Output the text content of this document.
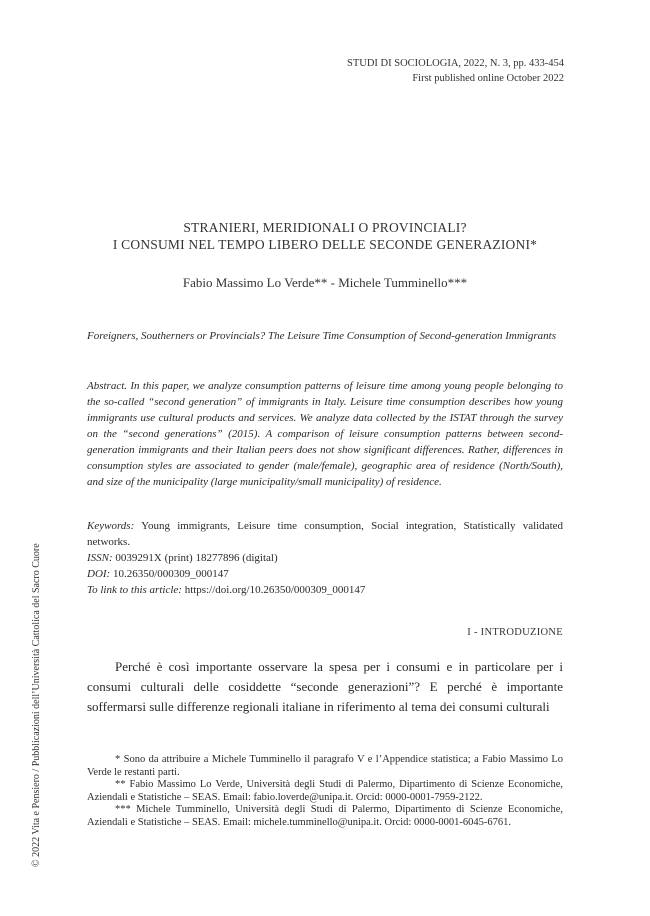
STUDI DI SOCIOLOGIA, 2022, N. 3, pp. 433-454
First published online October 2022
STRANIERI, MERIDIONALI O PROVINCIALI?
I CONSUMI NEL TEMPO LIBERO DELLE SECONDE GENERAZIONI*
Fabio Massimo Lo Verde** - Michele Tumminello***
Foreigners, Southerners or Provincials? The Leisure Time Consumption of Second-generation Immigrants
Abstract. In this paper, we analyze consumption patterns of leisure time among young people belonging to the so-called “second generation” of immigrants in Italy. Leisure time consumption describes how young immigrants use cultural products and services. We analyze data collected by the ISTAT through the survey on the “second generations” (2015). A comparison of leisure consumption patterns between second-generation immigrants and their Italian peers does not show significant differences. Rather, differences in consumption styles are associated to gender (male/female), geographic area of residence (North/South), and size of the municipality (large municipality/small municipality) of residence.

Keywords: Young immigrants, Leisure time consumption, Social integration, Statistically validated networks.

ISSN: 0039291X (print) 18277896 (digital)

DOI: 10.26350/000309_000147

To link to this article: https://doi.org/10.26350/000309_000147

I - INTRODUZIONE
Perché è così importante osservare la spesa per i consumi e in particolare per i consumi culturali delle cosiddette “seconde generazioni”? E perché è importante soffermarsi sulle differenze regionali italiane in riferimento al tema dei consumi culturali

* Sono da attribuire a Michele Tumminello il paragrafo V e l’Appendice statistica; a Fabio Massimo Lo Verde le restanti parti.

** Fabio Massimo Lo Verde, Università degli Studi di Palermo, Dipartimento di Scienze Economiche, Aziendali e Statistiche – SEAS. Email: fabio.loverde@unipa.it. Orcid: 0000-0001-7959-2122.

*** Michele Tumminello, Università degli Studi di Palermo, Dipartimento di Scienze Economiche, Aziendali e Statistiche – SEAS. Email: michele.tumminello@unipa.it. Orcid: 0000-0001-6045-6761.

© 2022 Vita e Pensiero / Pubblicazioni dell’Università Cattolica del Sacro Cuore
